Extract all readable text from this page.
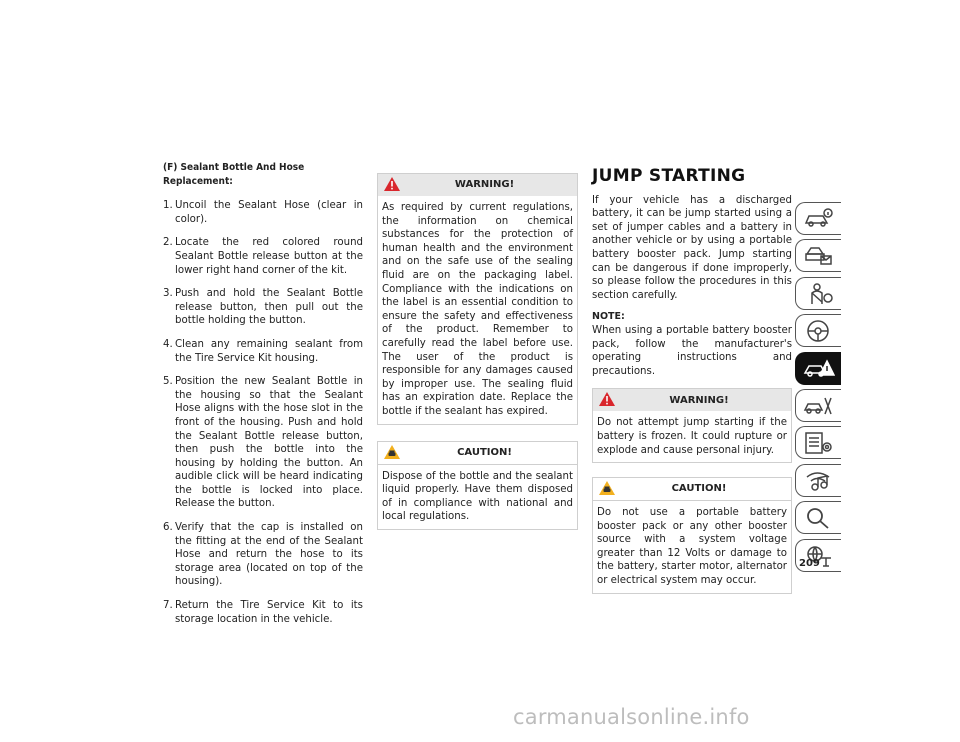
(F) Sealant Bottle And Hose Replacement:
1. Uncoil the Sealant Hose (clear in color).
2. Locate the red colored round Sealant Bottle release button at the lower right hand corner of the kit.
3. Push and hold the Sealant Bottle release button, then pull out the bottle holding the button.
4. Clean any remaining sealant from the Tire Service Kit housing.
5. Position the new Sealant Bottle in the housing so that the Sealant Hose aligns with the hose slot in the front of the housing. Push and hold the Sealant Bottle release button, then push the bottle into the housing by holding the button. An audible click will be heard indicating the bottle is locked into place. Release the button.
6. Verify that the cap is installed on the fitting at the end of the Sealant Hose and return the hose to its storage area (located on top of the housing).
7. Return the Tire Service Kit to its storage location in the vehicle.
WARNING!
As required by current regulations, the information on chemical substances for the protection of human health and the environment and on the safe use of the sealing fluid are on the packaging label. Compliance with the indications on the label is an essential condition to ensure the safety and effectiveness of the product. Remember to carefully read the label before use. The user of the product is responsible for any damages caused by improper use. The sealing fluid has an expiration date. Replace the bottle if the sealant has expired.
CAUTION!
Dispose of the bottle and the sealant liquid properly. Have them disposed of in compliance with national and local regulations.
JUMP STARTING

If your vehicle has a discharged battery, it can be jump started using a set of jumper cables and a battery in another vehicle or by using a portable battery booster pack. Jump starting can be dangerous if done improperly, so please follow the procedures in this section carefully.

NOTE:

When using a portable battery booster pack, follow the manufacturer's operating instructions and precautions.

WARNING!
Do not attempt jump starting if the battery is frozen. It could rupture or explode and cause personal injury.
CAUTION!
Do not use a portable battery booster pack or any other booster source with a system voltage greater than 12 Volts or damage to the battery, starter motor, alternator or electrical system may occur.
209
carmanualsonline.info
